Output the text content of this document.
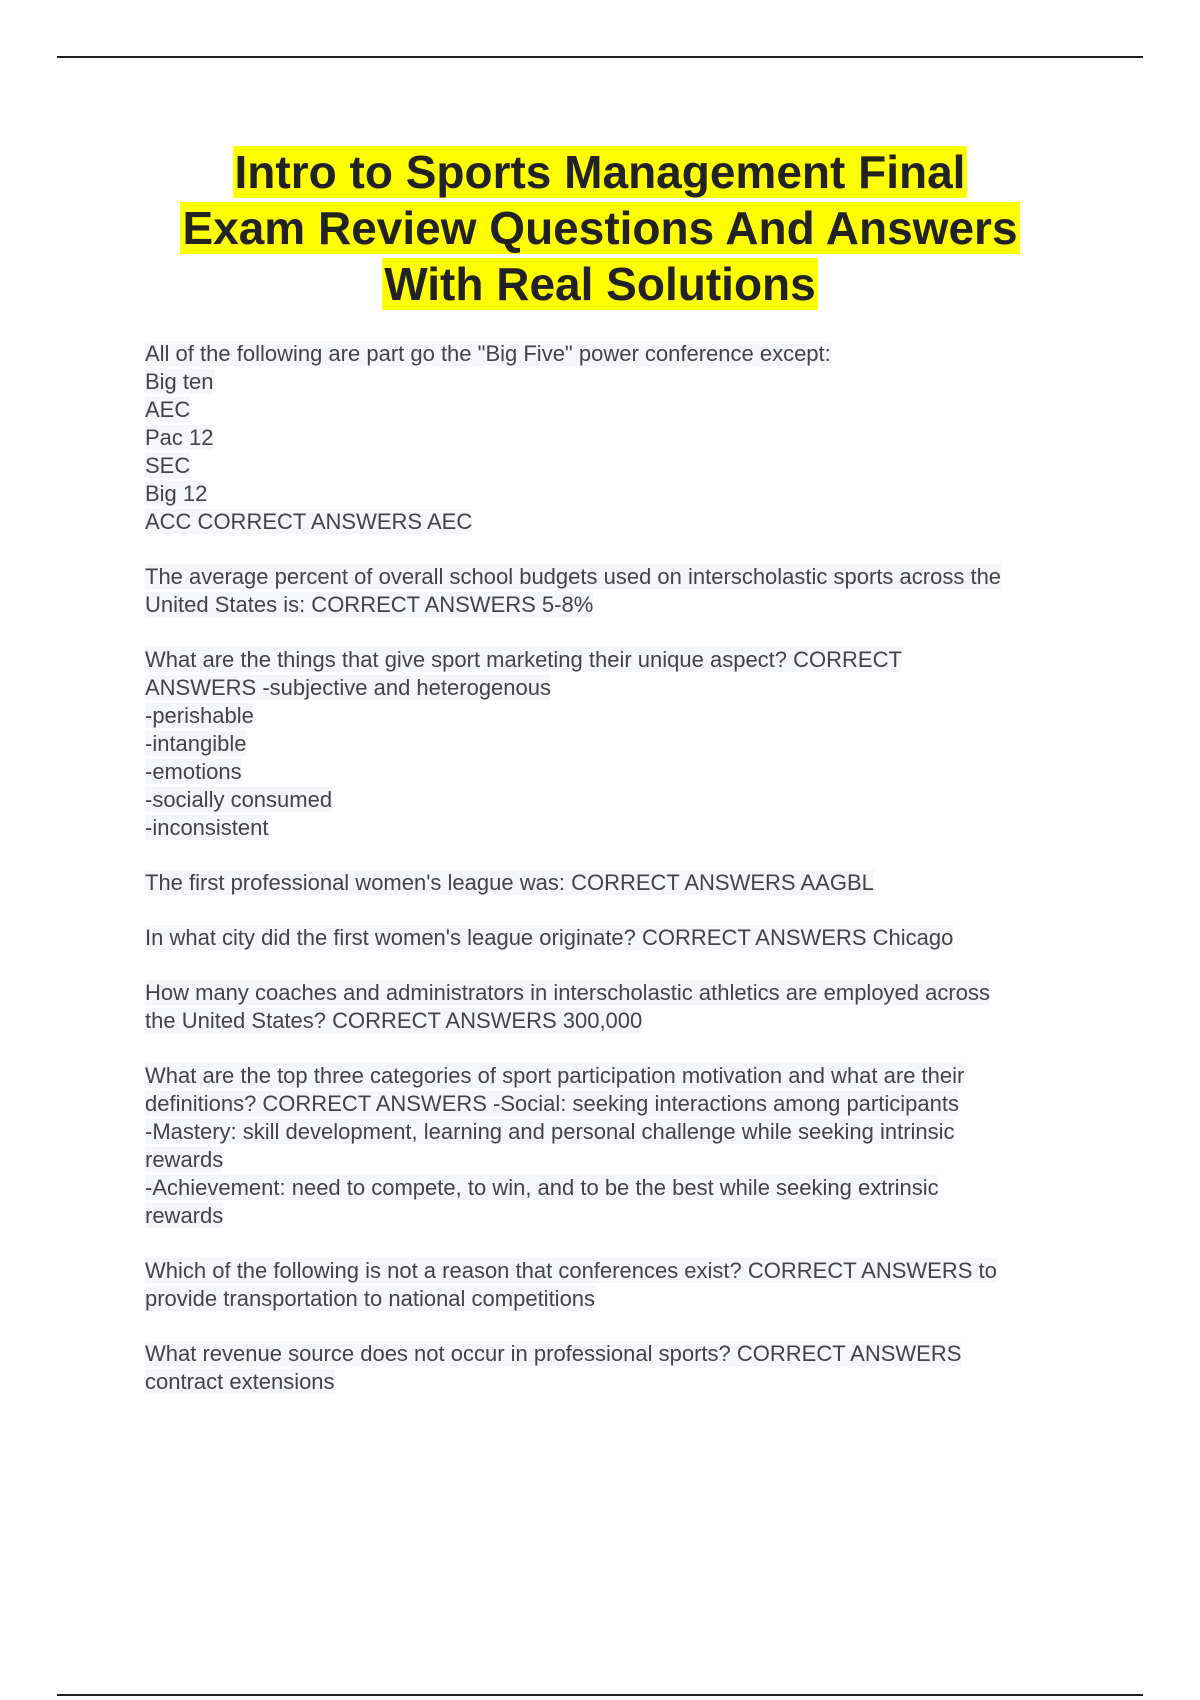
Intro to Sports Management Final
Exam Review Questions And Answers
With Real Solutions
All of the following are part go the "Big Five" power conference except:
Big ten
AEC
Pac 12
SEC
Big 12
ACC CORRECT ANSWERS AEC
The average percent of overall school budgets used on interscholastic sports across the
United States is: CORRECT ANSWERS 5-8%
What are the things that give sport marketing their unique aspect? CORRECT
ANSWERS -subjective and heterogenous
-perishable
-intangible
-emotions
-socially consumed
-inconsistent
The first professional women's league was: CORRECT ANSWERS AAGBL
In what city did the first women's league originate? CORRECT ANSWERS Chicago
How many coaches and administrators in interscholastic athletics are employed across
the United States? CORRECT ANSWERS 300,000
What are the top three categories of sport participation motivation and what are their
definitions? CORRECT ANSWERS -Social: seeking interactions among participants
-Mastery: skill development, learning and personal challenge while seeking intrinsic
rewards
-Achievement: need to compete, to win, and to be the best while seeking extrinsic
rewards
Which of the following is not a reason that conferences exist? CORRECT ANSWERS to
provide transportation to national competitions
What revenue source does not occur in professional sports? CORRECT ANSWERS
contract extensions
